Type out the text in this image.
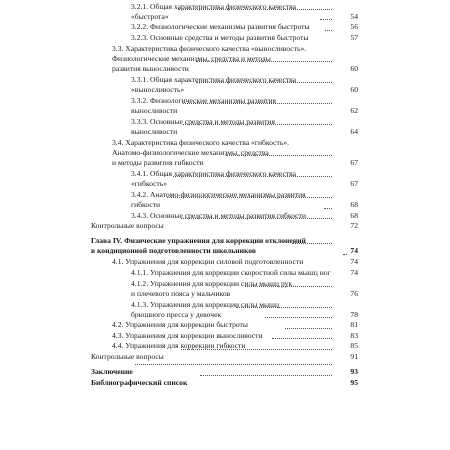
3.2.1. Общая характеристика физического качества
«быстрота»	54
3.2.2. Физиологические механизмы развития быстроты	56
3.2.3. Основные средства и методы развития быстроты	57
3.3. Характеристика физического качества «выносливость».
Физиологические механизмы, средства и методы
развития выносливости	60
3.3.1. Общая характеристика физического качества
«выносливость»	60
3.3.2. Физиологические механизмы развития
выносливости	62
3.3.3. Основные средства и методы развития
выносливости	64
3.4. Характеристика физического качества «гибкость».
Анатомо-физиологические механизмы, средства
и методы развития гибкости	67
3.4.1. Общая характеристика физического качества
«гибкость»	67
3.4.2. Анатомо-физиологические механизмы развития
гибкости	68
3.4.3. Основные средства и методы развития гибкости	68
Контрольные вопросы	72
Глава IV. Физические упражнения для коррекции отклонений
в кондиционной подготовленности школьников	74
4.1. Упражнения для коррекции силовой подготовленности	74
4.1.1. Упражнения для коррекции скоростной силы мышц ног	74
4.1.2. Упражнения для коррекции силы мышц рук
и плечевого пояса у мальчиков	76
4.1.3. Упражнения для коррекции силы мышц
брюшного пресса у девочек	78
4.2. Упражнения для коррекции быстроты	81
4.3. Упражнения для коррекции выносливости	83
4.4. Упражнения для коррекции гибкости	85
Контрольные вопросы	91
Заключение	93
Библиографический список	95
